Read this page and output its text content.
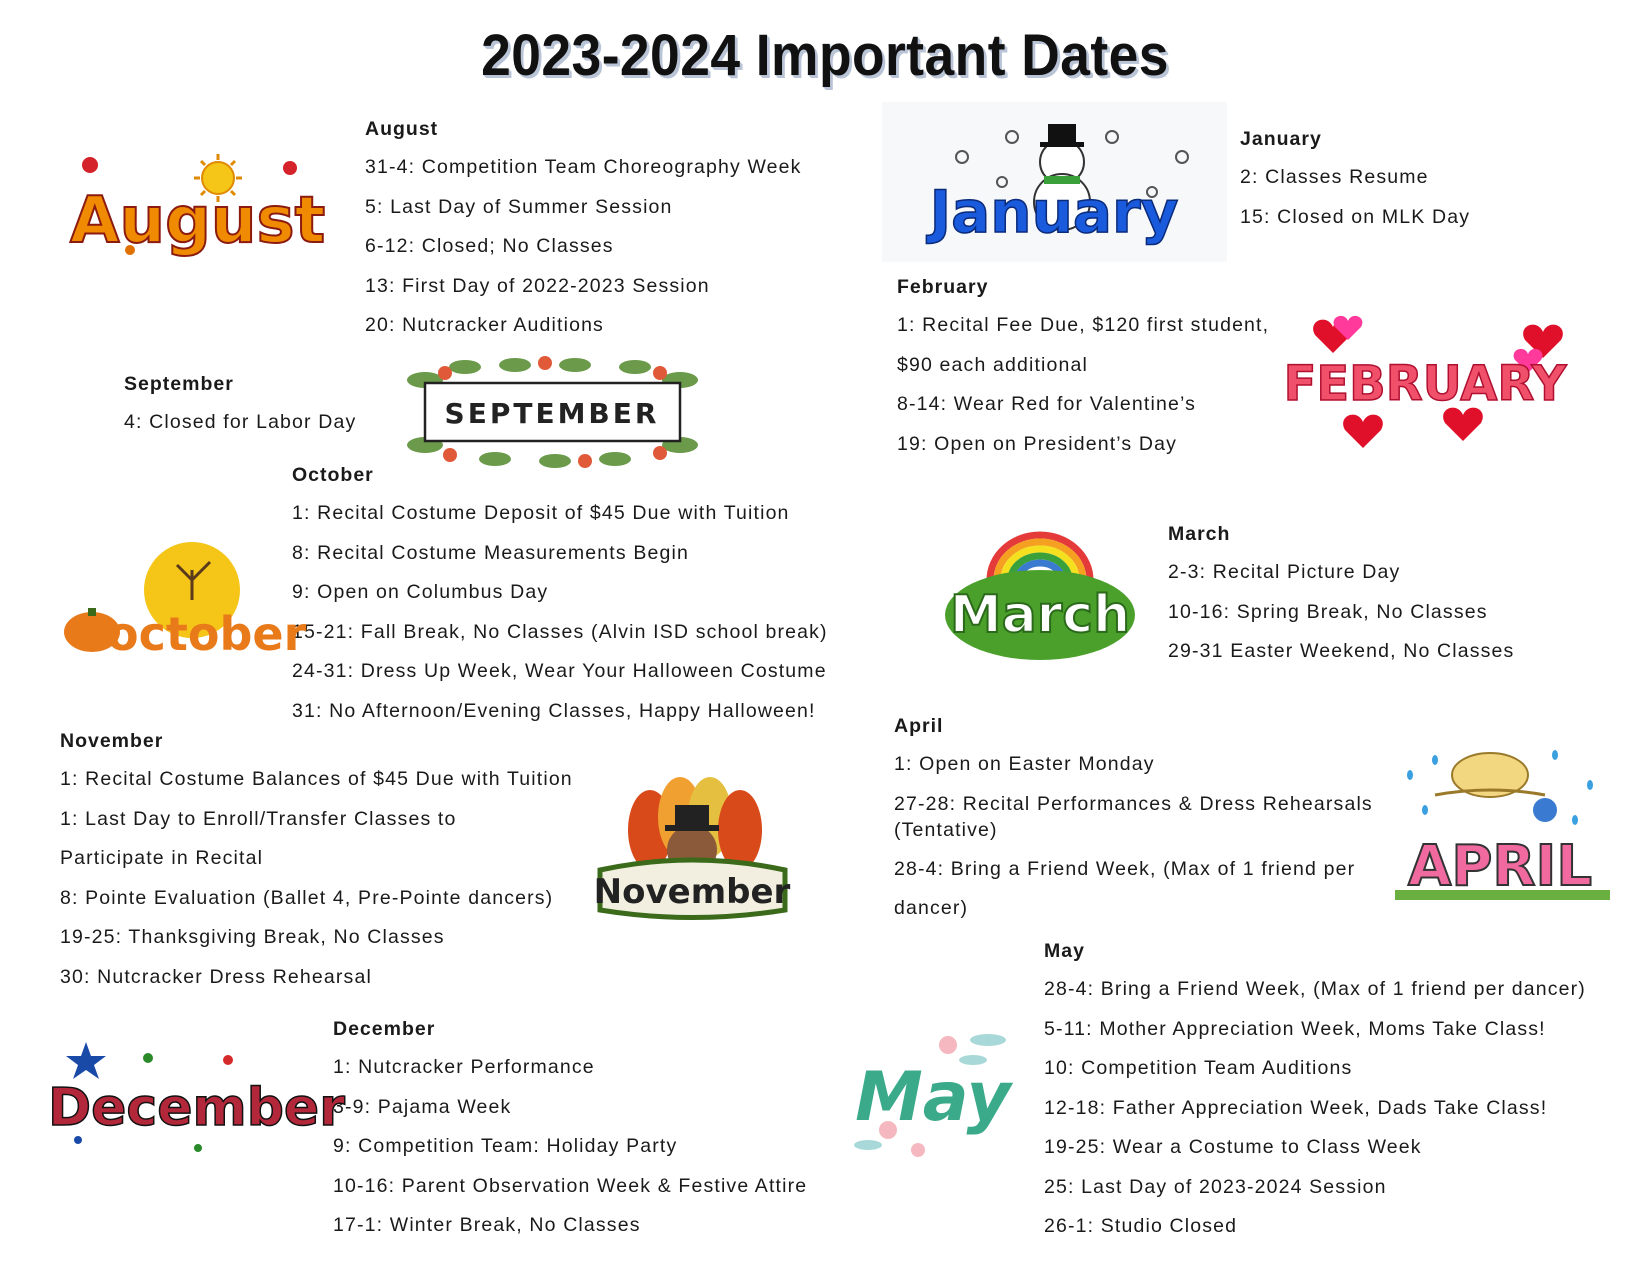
2023-2024 Important Dates
August
31-4: Competition Team Choreography Week
5: Last Day of Summer Session
6-12: Closed; No Classes
13: First Day of 2022-2023 Session
20: Nutcracker Auditions
August
September
4: Closed for Labor Day	SEPTEMBER
October
1: Recital Costume Deposit of $45 Due with Tuition
8: Recital Costume Measurements Begin
9: Open on Columbus Day
15-21: Fall Break, No Classes (Alvin ISD school break)
24-31: Dress Up Week, Wear Your Halloween Costume
31: No Afternoon/Evening Classes, Happy Halloween!
october
November
1: Recital Costume Balances of $45 Due with Tuition
1: Last Day to Enroll/Transfer Classes to
Participate in Recital
8: Pointe Evaluation (Ballet 4, Pre-Pointe dancers)
19-25: Thanksgiving Break, No Classes
30: Nutcracker Dress Rehearsal
November
December
1: Nutcracker Performance
3-9: Pajama Week
9: Competition Team: Holiday Party
10-16: Parent Observation Week & Festive Attire
17-1: Winter Break, No Classes
December
January
2: Classes Resume
15: Closed on MLK Day
January
February
1: Recital Fee Due, $120 first student,
$90 each additional
8-14: Wear Red for Valentine’s
19: Open on President’s Day
FEBRUARY
March
2-3: Recital Picture Day
10-16: Spring Break, No Classes
29-31 Easter Weekend, No Classes
March
April
1: Open on Easter Monday
27-28: Recital Performances & Dress Rehearsals (Tentative)
28-4: Bring a Friend Week, (Max of 1 friend per
dancer)
APRIL
May
28-4: Bring a Friend Week, (Max of 1 friend per dancer)
5-11: Mother Appreciation Week, Moms Take Class!
10: Competition Team Auditions
12-18: Father Appreciation Week, Dads Take Class!
19-25: Wear a Costume to Class Week
25: Last Day of 2023-2024 Session
26-1: Studio Closed
May
